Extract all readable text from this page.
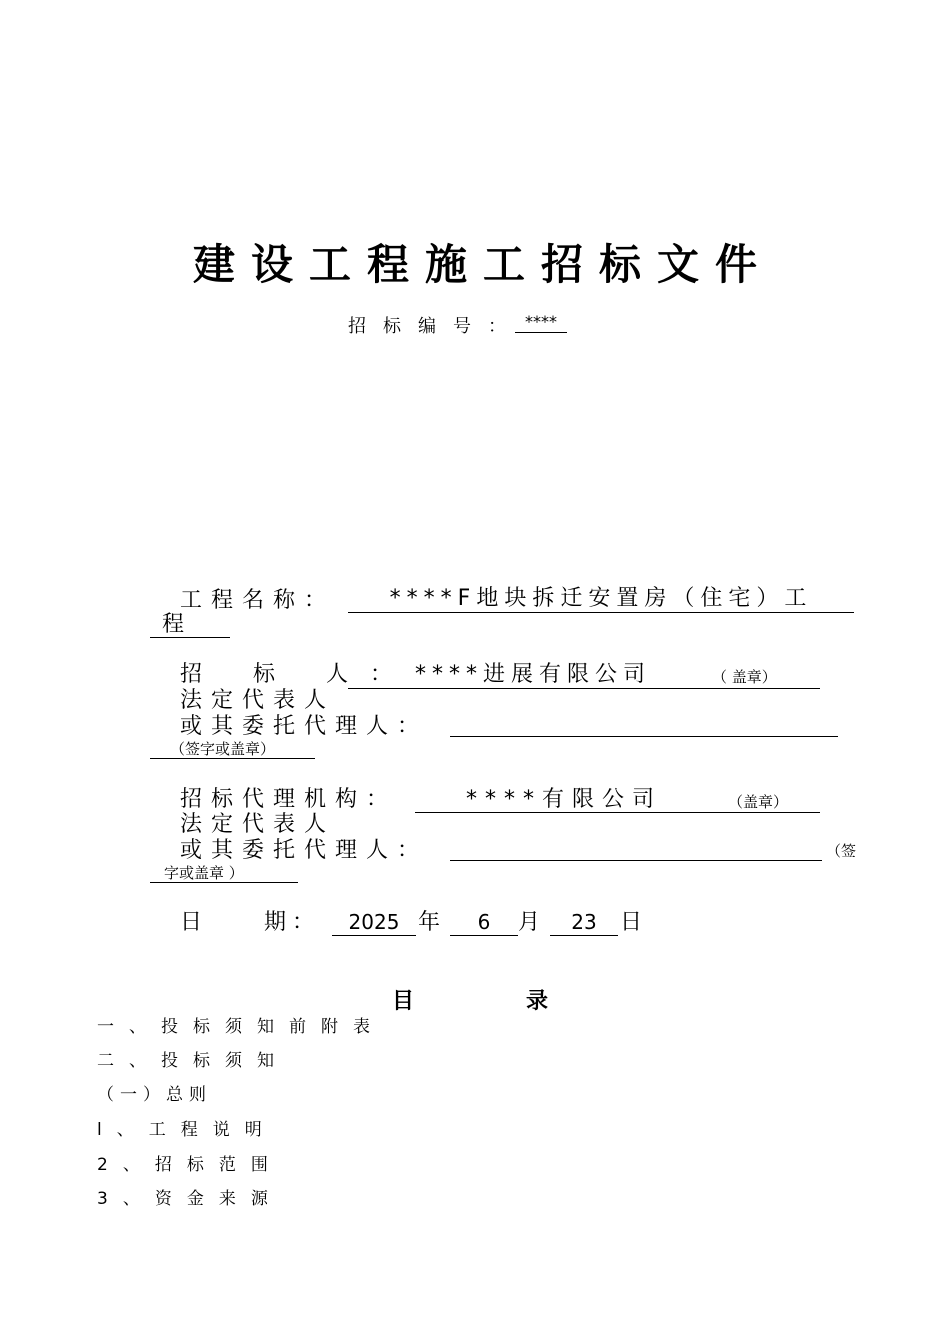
建设工程施工招标文件
招标编号： ****
工程名称：	****F地块拆迁安置房（住宅）工
程
招 标 人： ****进展有限公司	（ 盖章）
法定代表人
或其委托代理人：
（签字或盖章）
招标代理机构：	****有限公司	（盖章）
法定代表人
或其委托代理人：	（签
字或盖章 ）
日　　期：	2025 年	6	月	23	日
目	录
一、投标须知前附表
二、投标须知
（一）总则
l、工程说明
2、招标范围
3、资金来源
